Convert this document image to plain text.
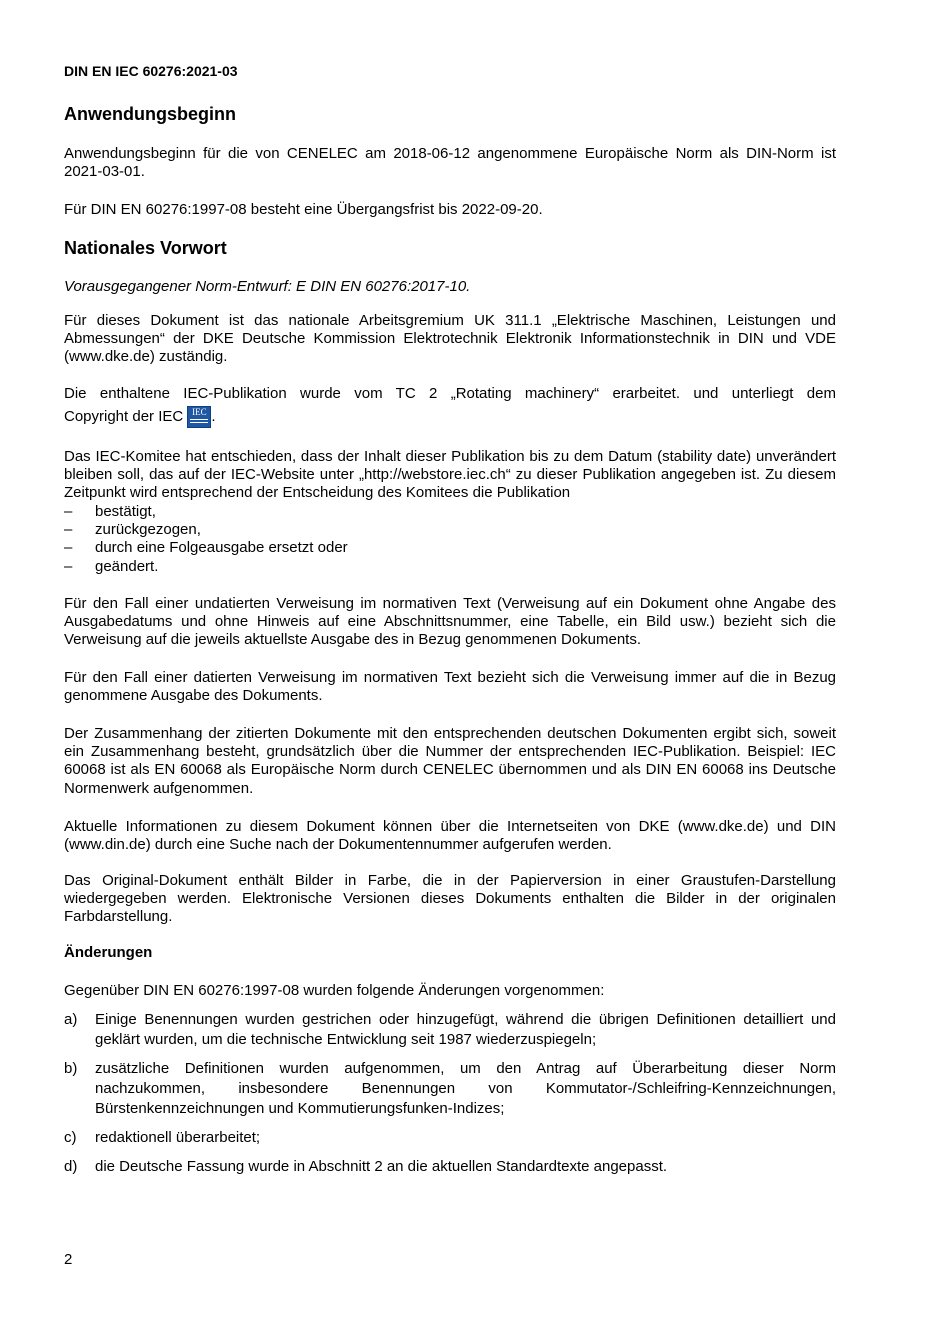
DIN EN IEC 60276:2021-03
Anwendungsbeginn

Anwendungsbeginn für die von CENELEC am 2018-06-12 angenommene Europäische Norm als DIN-Norm ist 2021-03-01.

Für DIN EN 60276:1997-08 besteht eine Übergangsfrist bis 2022-09-20.

Nationales Vorwort

Vorausgegangener Norm-Entwurf: E DIN EN 60276:2017-10.

Für dieses Dokument ist das nationale Arbeitsgremium UK 311.1 „Elektrische Maschinen, Leistungen und Abmessungen“ der DKE Deutsche Kommission Elektrotechnik Elektronik Informationstechnik in DIN und VDE (www.dke.de) zuständig.

Die enthaltene IEC-Publikation wurde vom TC 2 „Rotating machinery“ erarbeitet. und unterliegt dem

Copyright der IEC IEC .

Das IEC-Komitee hat entschieden, dass der Inhalt dieser Publikation bis zu dem Datum (stability date) unverändert bleiben soll, das auf der IEC-Website unter „http://webstore.iec.ch“ zu dieser Publikation angegeben ist. Zu diesem Zeitpunkt wird entsprechend der Entscheidung des Komitees die Publikation

–	bestätigt,
–	zurückgezogen,
–	durch eine Folgeausgabe ersetzt oder
–	geändert.

Für den Fall einer undatierten Verweisung im normativen Text (Verweisung auf ein Dokument ohne Angabe des Ausgabedatums und ohne Hinweis auf eine Abschnittsnummer, eine Tabelle, ein Bild usw.) bezieht sich die Verweisung auf die jeweils aktuellste Ausgabe des in Bezug genommenen Dokuments.

Für den Fall einer datierten Verweisung im normativen Text bezieht sich die Verweisung immer auf die in Bezug genommene Ausgabe des Dokuments.

Der Zusammenhang der zitierten Dokumente mit den entsprechenden deutschen Dokumenten ergibt sich, soweit ein Zusammenhang besteht, grundsätzlich über die Nummer der entsprechenden IEC-Publikation. Beispiel: IEC 60068 ist als EN 60068 als Europäische Norm durch CENELEC übernommen und als DIN EN 60068 ins Deutsche Normenwerk aufgenommen.

Aktuelle Informationen zu diesem Dokument können über die Internetseiten von DKE (www.dke.de) und DIN (www.din.de) durch eine Suche nach der Dokumentennummer aufgerufen werden.

Das Original-Dokument enthält Bilder in Farbe, die in der Papierversion in einer Graustufen-Darstellung wiedergegeben werden. Elektronische Versionen dieses Dokuments enthalten die Bilder in der originalen Farbdarstellung.

Änderungen

Gegenüber DIN EN 60276:1997-08 wurden folgende Änderungen vorgenommen:

a)	Einige Benennungen wurden gestrichen oder hinzugefügt, während die übrigen Definitionen detailliert und geklärt wurden, um die technische Entwicklung seit 1987 wiederzuspiegeln;
b)	zusätzliche Definitionen wurden aufgenommen, um den Antrag auf Überarbeitung dieser Norm nachzukommen, insbesondere Benennungen von Kommutator-/Schleifring-Kennzeichnungen, Bürstenkennzeichnungen und Kommutierungsfunken-Indizes;
c)	redaktionell überarbeitet;
d)	die Deutsche Fassung wurde in Abschnitt 2 an die aktuellen Standardtexte angepasst.
2
